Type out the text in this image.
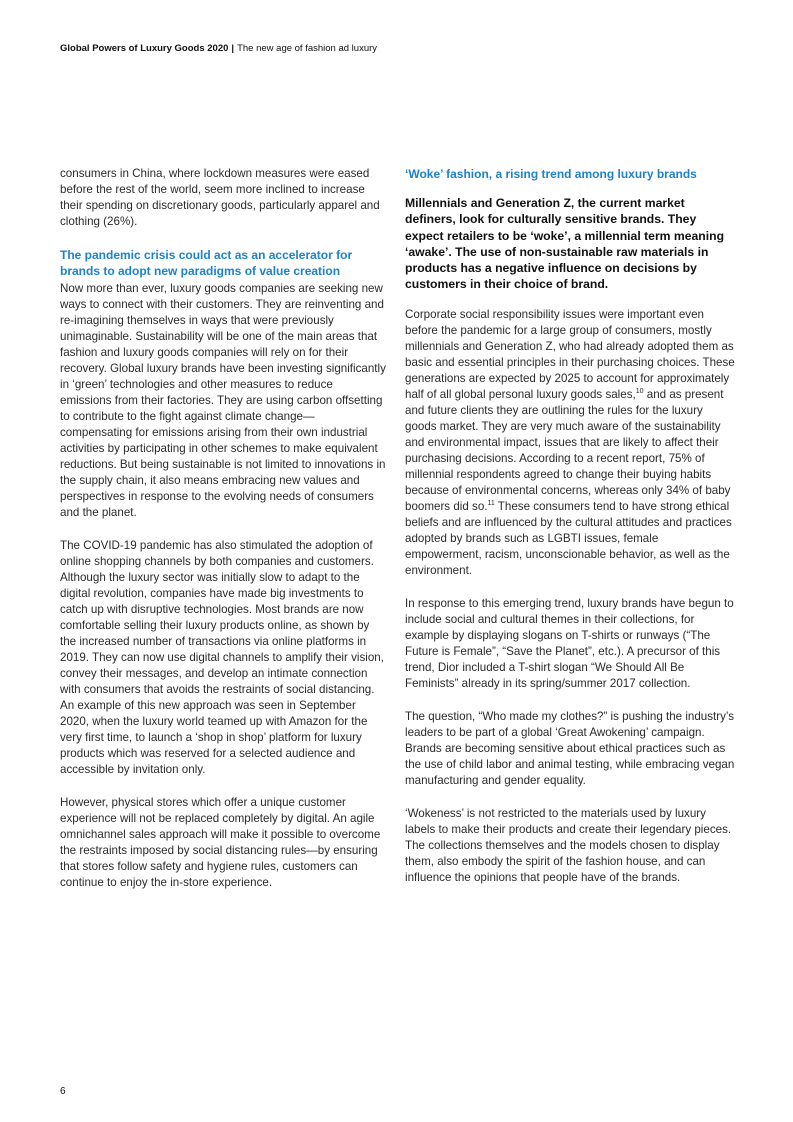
Global Powers of Luxury Goods 2020 | The new age of fashion ad luxury

consumers in China, where lockdown measures were eased before the rest of the world, seem more inclined to increase their spending on discretionary goods, particularly apparel and clothing (26%).

The pandemic crisis could act as an accelerator for brands to adopt new paradigms of value creation

Now more than ever, luxury goods companies are seeking new ways to connect with their customers. They are reinventing and re-imagining themselves in ways that were previously unimaginable. Sustainability will be one of the main areas that fashion and luxury goods companies will rely on for their recovery. Global luxury brands have been investing significantly in ‘green’ technologies and other measures to reduce emissions from their factories. They are using carbon offsetting to contribute to the fight against climate change—compensating for emissions arising from their own industrial activities by participating in other schemes to make equivalent reductions. But being sustainable is not limited to innovations in the supply chain, it also means embracing new values and perspectives in response to the evolving needs of consumers and the planet.

The COVID-19 pandemic has also stimulated the adoption of online shopping channels by both companies and customers. Although the luxury sector was initially slow to adapt to the digital revolution, companies have made big investments to catch up with disruptive technologies. Most brands are now comfortable selling their luxury products online, as shown by the increased number of transactions via online platforms in 2019. They can now use digital channels to amplify their vision, convey their messages, and develop an intimate connection with consumers that avoids the restraints of social distancing. An example of this new approach was seen in September 2020, when the luxury world teamed up with Amazon for the very first time, to launch a ‘shop in shop’ platform for luxury products which was reserved for a selected audience and accessible by invitation only.

However, physical stores which offer a unique customer experience will not be replaced completely by digital. An agile omnichannel sales approach will make it possible to overcome the restraints imposed by social distancing rules—by ensuring that stores follow safety and hygiene rules, customers can continue to enjoy the in-store experience.

‘Woke’ fashion, a rising trend among luxury brands

Millennials and Generation Z, the current market definers, look for culturally sensitive brands. They expect retailers to be ‘woke’, a millennial term meaning ‘awake’. The use of non-sustainable raw materials in products has a negative influence on decisions by customers in their choice of brand.

Corporate social responsibility issues were important even before the pandemic for a large group of consumers, mostly millennials and Generation Z, who had already adopted them as basic and essential principles in their purchasing choices. These generations are expected by 2025 to account for approximately half of all global personal luxury goods sales,$^{10}$ and as present and future clients they are outlining the rules for the luxury goods market. They are very much aware of the sustainability and environmental impact, issues that are likely to affect their purchasing decisions. According to a recent report, 75% of millennial respondents agreed to change their buying habits because of environmental concerns, whereas only 34% of baby boomers did so.$^{11}$ These consumers tend to have strong ethical beliefs and are influenced by the cultural attitudes and practices adopted by brands such as LGBTI issues, female empowerment, racism, unconscionable behavior, as well as the environment.

In response to this emerging trend, luxury brands have begun to include social and cultural themes in their collections, for example by displaying slogans on T-shirts or runways (“The Future is Female”, “Save the Planet”, etc.). A precursor of this trend, Dior included a T-shirt slogan “We Should All Be Feminists” already in its spring/summer 2017 collection.

The question, “Who made my clothes?” is pushing the industry’s leaders to be part of a global ‘Great Awokening’ campaign. Brands are becoming sensitive about ethical practices such as the use of child labor and animal testing, while embracing vegan manufacturing and gender equality.

‘Wokeness’ is not restricted to the materials used by luxury labels to make their products and create their legendary pieces. The collections themselves and the models chosen to display them, also embody the spirit of the fashion house, and can influence the opinions that people have of the brands.

6
